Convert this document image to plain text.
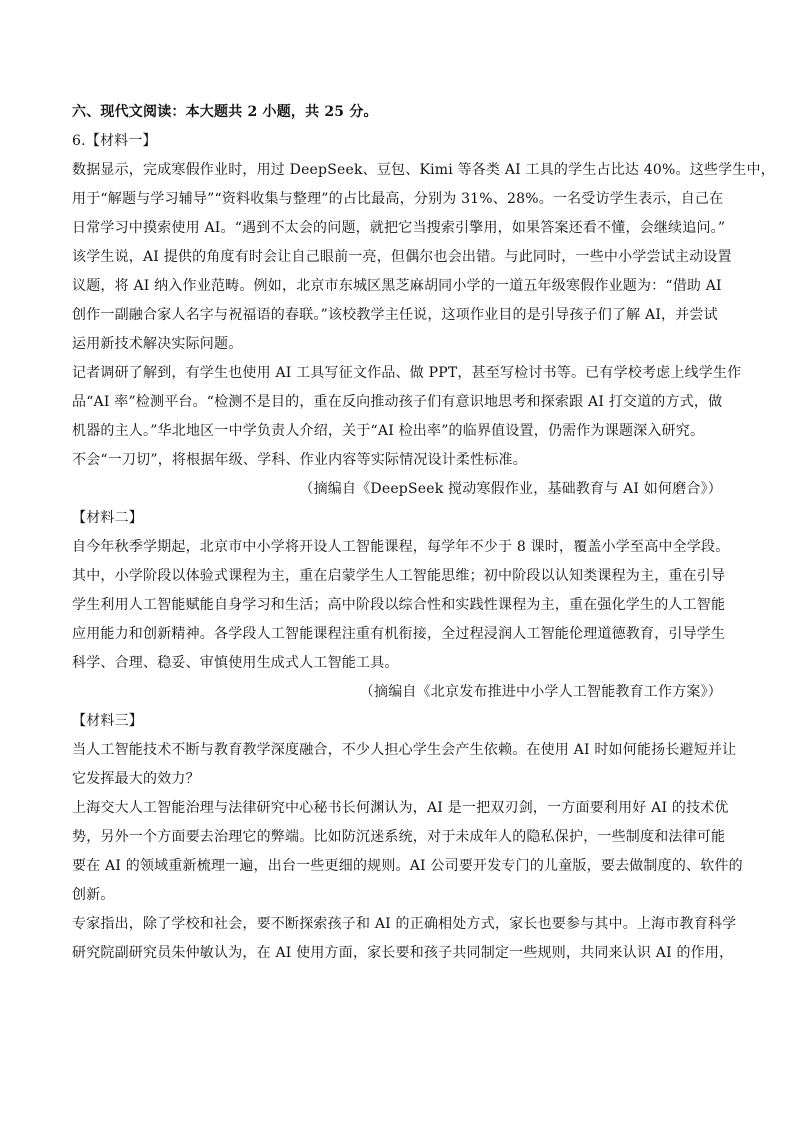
六、现代文阅读：本大题共 2 小题，共 25 分。
6.【材料一】
数据显示，完成寒假作业时，用过 DeepSeek、豆包、Kimi 等各类 AI 工具的学生占比达 40%。这些学生中，
用于“解题与学习辅导”“资料收集与整理”的占比最高，分别为 31%、28%。一名受访学生表示，自己在
日常学习中摸索使用 AI。“遇到不太会的问题，就把它当搜索引擎用，如果答案还看不懂，会继续追问。”
该学生说，AI 提供的角度有时会让自己眼前一亮，但偶尔也会出错。与此同时，一些中小学尝试主动设置
议题，将 AI 纳入作业范畴。例如，北京市东城区黑芝麻胡同小学的一道五年级寒假作业题为：“借助 AI
创作一副融合家人名字与祝福语的春联。”该校教学主任说，这项作业目的是引导孩子们了解 AI，并尝试
运用新技术解决实际问题。
记者调研了解到，有学生也使用 AI 工具写征文作品、做 PPT，甚至写检讨书等。已有学校考虑上线学生作
品“AI 率”检测平台。“检测不是目的，重在反向推动孩子们有意识地思考和探索跟 AI 打交道的方式，做
机器的主人。”华北地区一中学负责人介绍，关于“AI 检出率”的临界值设置，仍需作为课题深入研究。
不会“一刀切”，将根据年级、学科、作业内容等实际情况设计柔性标准。
（摘编自《DeepSeek 搅动寒假作业，基础教育与 AI 如何磨合》）
【材料二】
自今年秋季学期起，北京市中小学将开设人工智能课程，每学年不少于 8 课时，覆盖小学至高中全学段。
其中，小学阶段以体验式课程为主，重在启蒙学生人工智能思维；初中阶段以认知类课程为主，重在引导
学生利用人工智能赋能自身学习和生活；高中阶段以综合性和实践性课程为主，重在强化学生的人工智能
应用能力和创新精神。各学段人工智能课程注重有机衔接，全过程浸润人工智能伦理道德教育，引导学生
科学、合理、稳妥、审慎使用生成式人工智能工具。
（摘编自《北京发布推进中小学人工智能教育工作方案》）
【材料三】
当人工智能技术不断与教育教学深度融合，不少人担心学生会产生依赖。在使用 AI 时如何能扬长避短并让
它发挥最大的效力？
上海交大人工智能治理与法律研究中心秘书长何渊认为，AI 是一把双刃剑，一方面要利用好 AI 的技术优
势，另外一个方面要去治理它的弊端。比如防沉迷系统，对于未成年人的隐私保护，一些制度和法律可能
要在 AI 的领域重新梳理一遍，出台一些更细的规则。AI 公司要开发专门的儿童版，要去做制度的、软件的
创新。
专家指出，除了学校和社会，要不断探索孩子和 AI 的正确相处方式，家长也要参与其中。上海市教育科学
研究院副研究员朱仲敏认为，在 AI 使用方面，家长要和孩子共同制定一些规则，共同来认识 AI 的作用，
